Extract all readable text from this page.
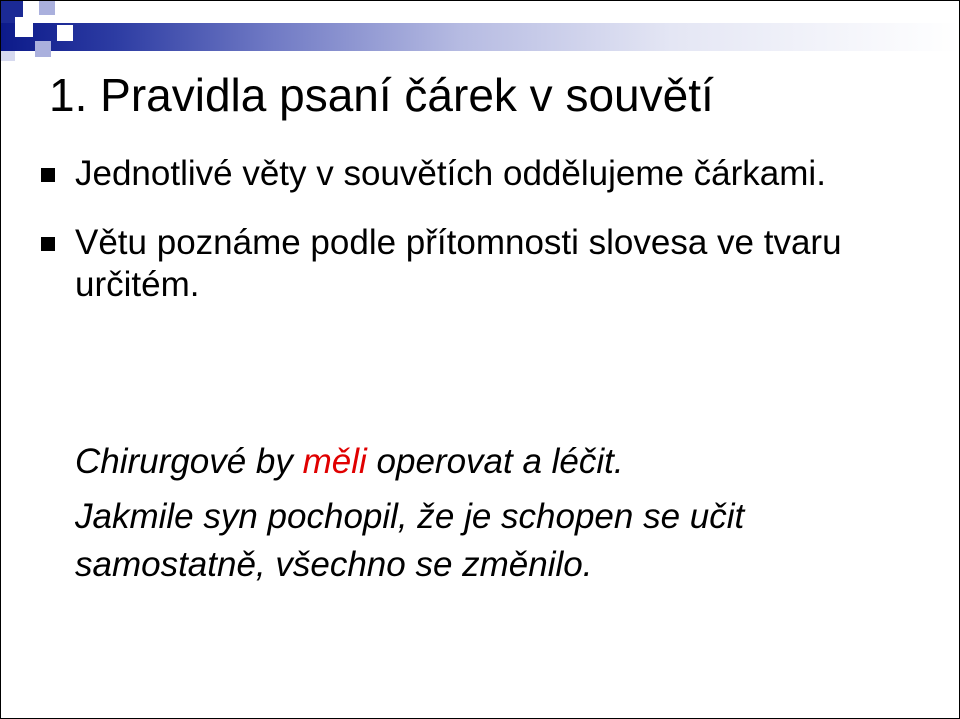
1. Pravidla psaní čárek v souvětí
Jednotlivé věty v souvětích oddělujeme čárkami.
Větu poznáme podle přítomnosti slovesa ve tvaru určitém.

Chirurgové by měli operovat a léčit.

Jakmile syn pochopil, že je schopen se učit samostatně, všechno se změnilo.
